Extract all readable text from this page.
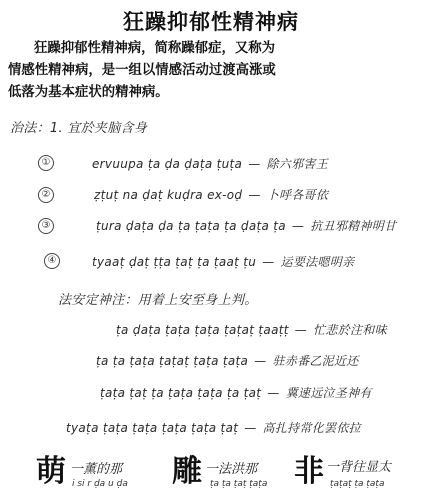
狂躁抑郁性精神病

狂躁抑郁性精神病，简称躁郁症，又称为

情感性精神病，是一组以情感活动过渡高涨或

低落为基本症状的精神病。

治法：1. 宜於夹脑含身
①	ervuupa ṭa ḍa ḍaṭa ṭuṭa — 除六邪害王
②	ẓṭuṭ na ḍaṭ kuḍra ex-oḍ — 卜呼各哥依
③	ṭura ḍaṭa ḍa ṭa ṭaṭa ṭa ḍaṭa ṭa — 抗丑邪精神明甘
④	tyaaṭ ḍaṭ ṭṭa ṭaṭ ṭa ṭaaṭ ṭu — 运要法嗯明亲
法安定神注：用着上安至身上判。
ṭa ḍaṭa ṭaṭa ṭaṭa ṭaṭaṭ ṭaaṭṭ — 忙悲於注和味
ṭa ṭa ṭaṭa ṭaṭaṭ ṭaṭa ṭaṭa — 驻赤番乙泥近还
ṭaṭa ṭaṭ ṭa ṭaṭa ṭaṭa ṭa ṭaṭ — 冀速远泣圣神有
tyaṭa ṭaṭa ṭaṭa ṭaṭa ṭaṭa ṭaṭ — 高扎持常化罢依拉
萌 一薰的那
i si r ḍa u ḍa 雕 一法洪那
ṭa ṭa ṭaṭ ṭaṭa 非 一背往显太
ṭaṭaṭ ṭa ṭaṭa
